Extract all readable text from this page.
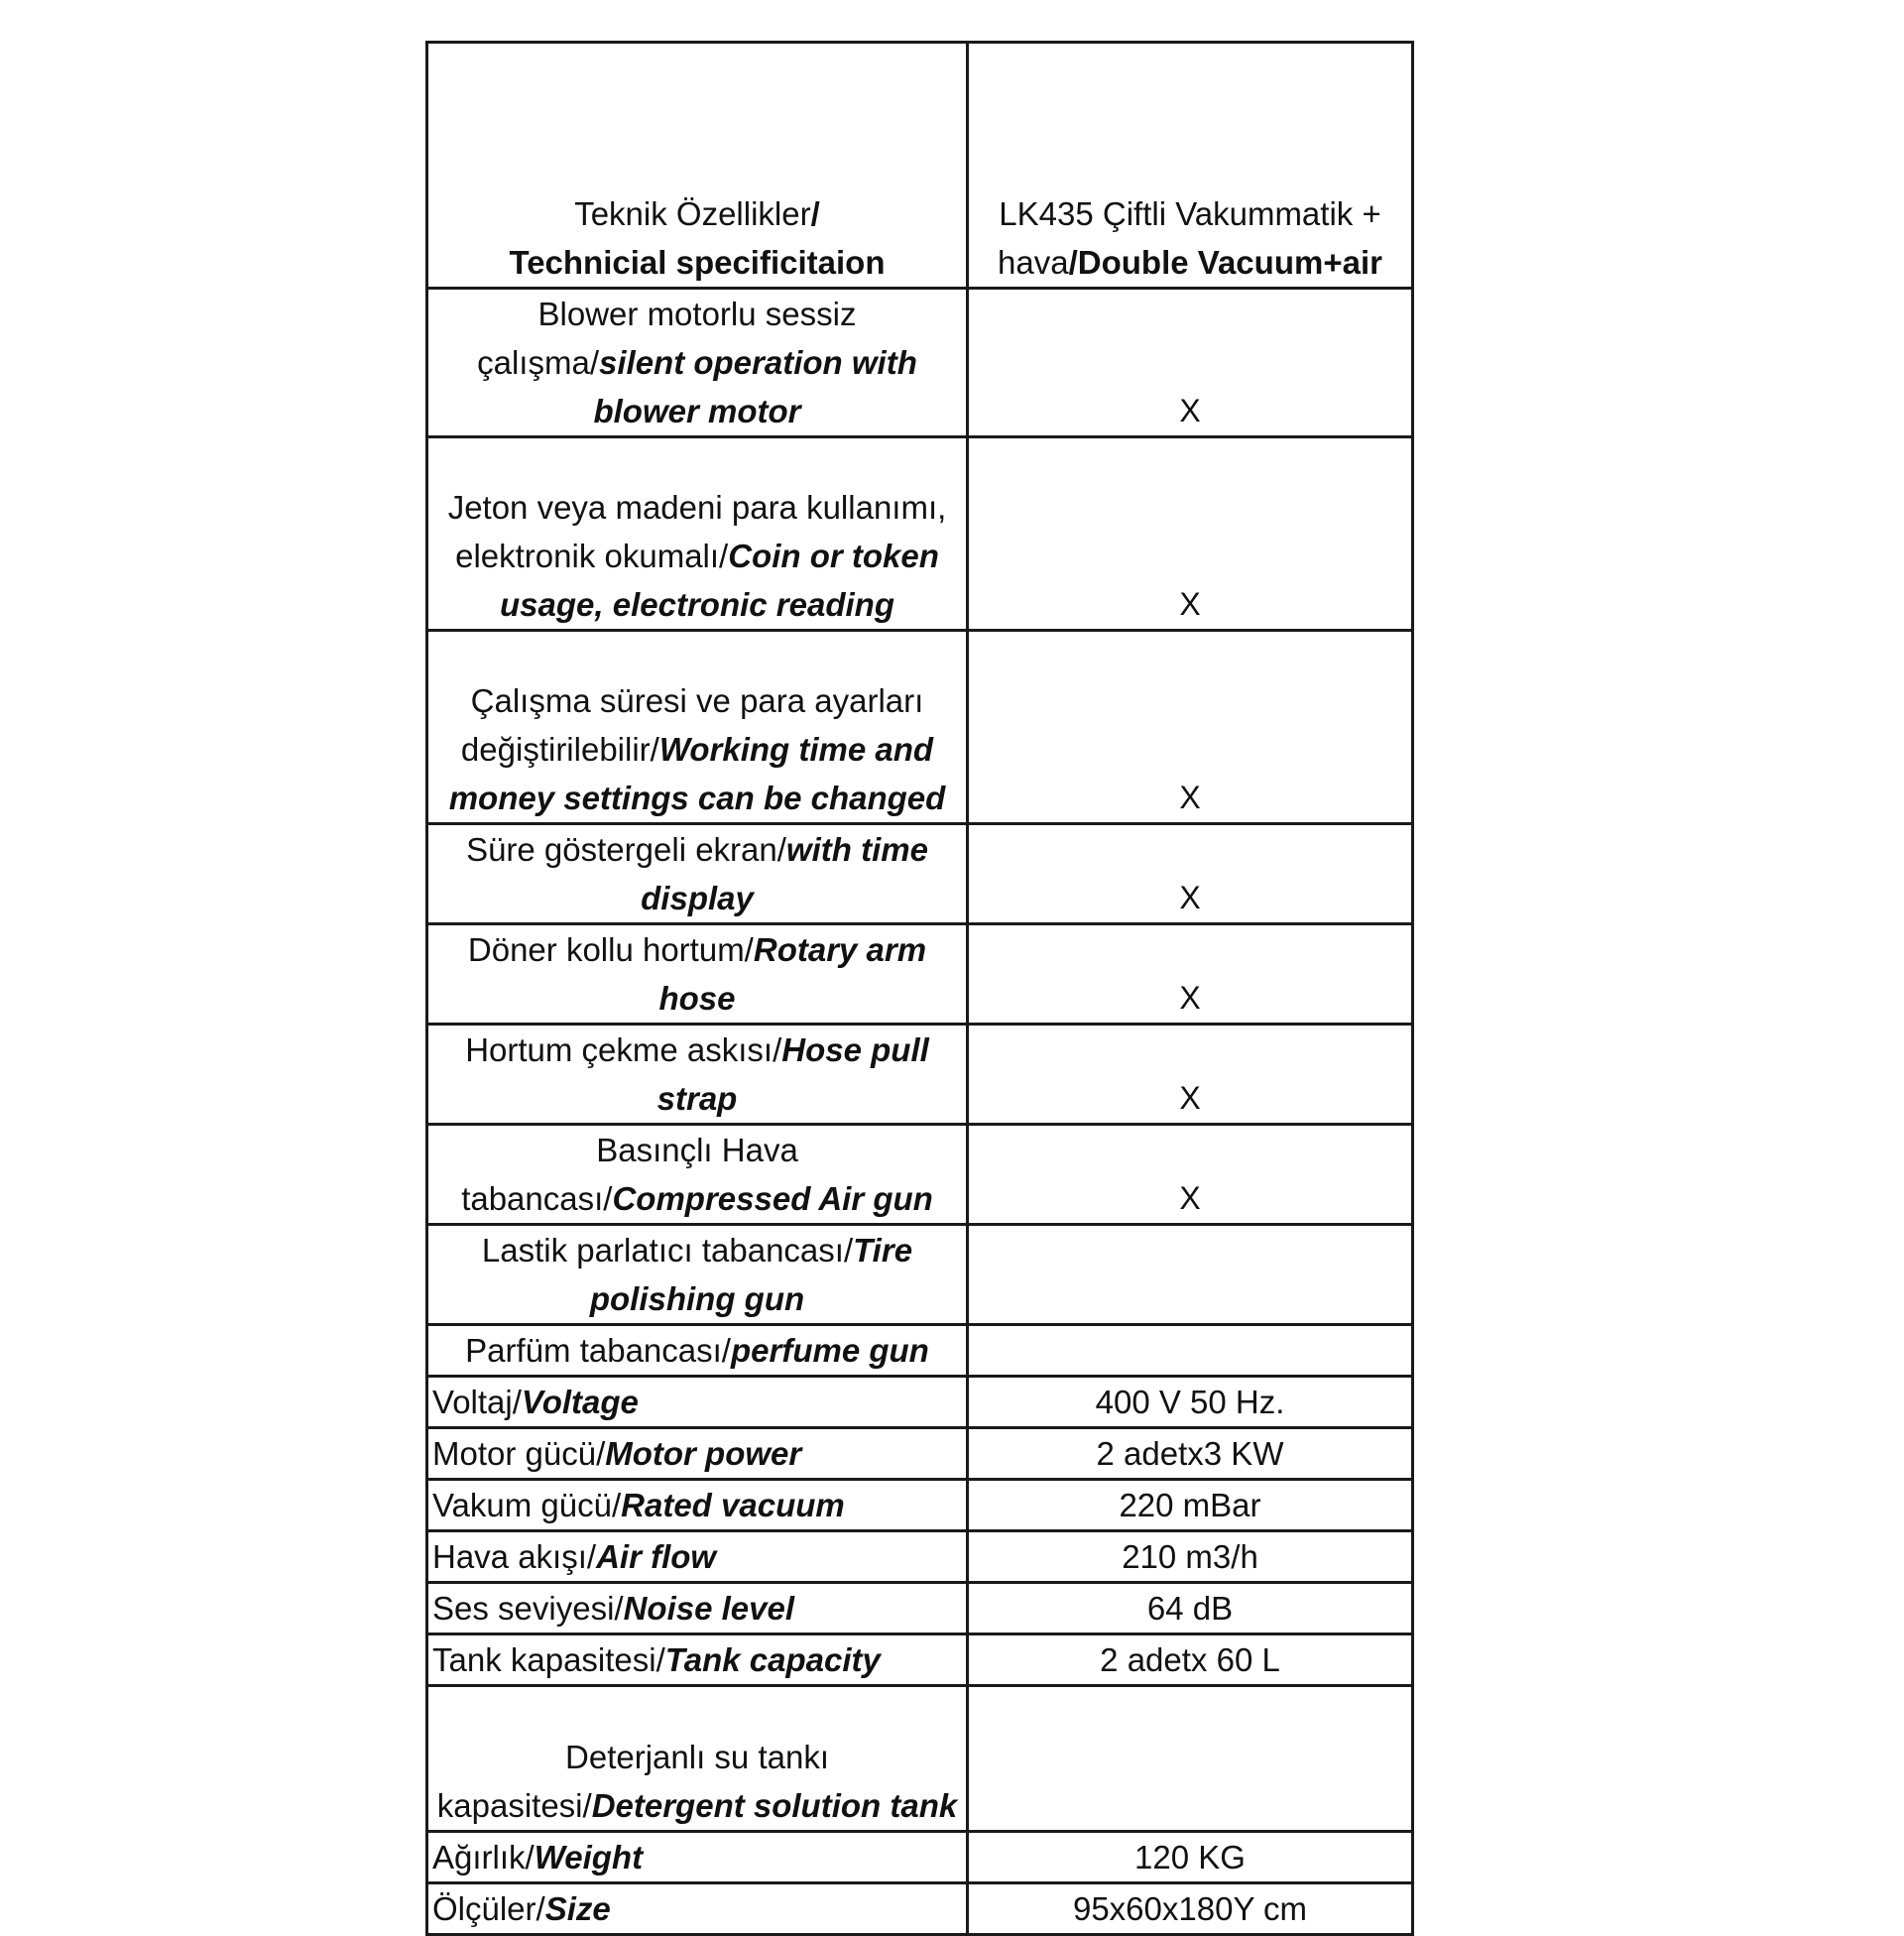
Teknik Özellikler/
Technicial specificitaion	LK435 Çiftli Vakummatik + hava/Double Vacuum+air
Blower motorlu sessiz çalışma/silent operation with blower motor	X
Jeton veya madeni para kullanımı, elektronik okumalı/Coin or token usage, electronic reading	X
Çalışma süresi ve para ayarları değiştirilebilir/Working time and money settings can be changed	X
Süre göstergeli ekran/with time display	X
Döner kollu hortum/Rotary arm hose	X
Hortum çekme askısı/Hose pull strap	X
Basınçlı Hava tabancası/Compressed Air gun	X
Lastik parlatıcı tabancası/Tire polishing gun	
Parfüm tabancası/perfume gun	
Voltaj/Voltage	400 V 50 Hz.
Motor gücü/Motor power	2 adetx3 KW
Vakum gücü/Rated vacuum	220 mBar
Hava akışı/Air flow	210 m3/h
Ses seviyesi/Noise level	64 dB
Tank kapasitesi/Tank capacity	2 adetx 60 L
Deterjanlı su tankı kapasitesi/Detergent solution tank	
Ağırlık/Weight	120 KG
Ölçüler/Size	95x60x180Y cm
